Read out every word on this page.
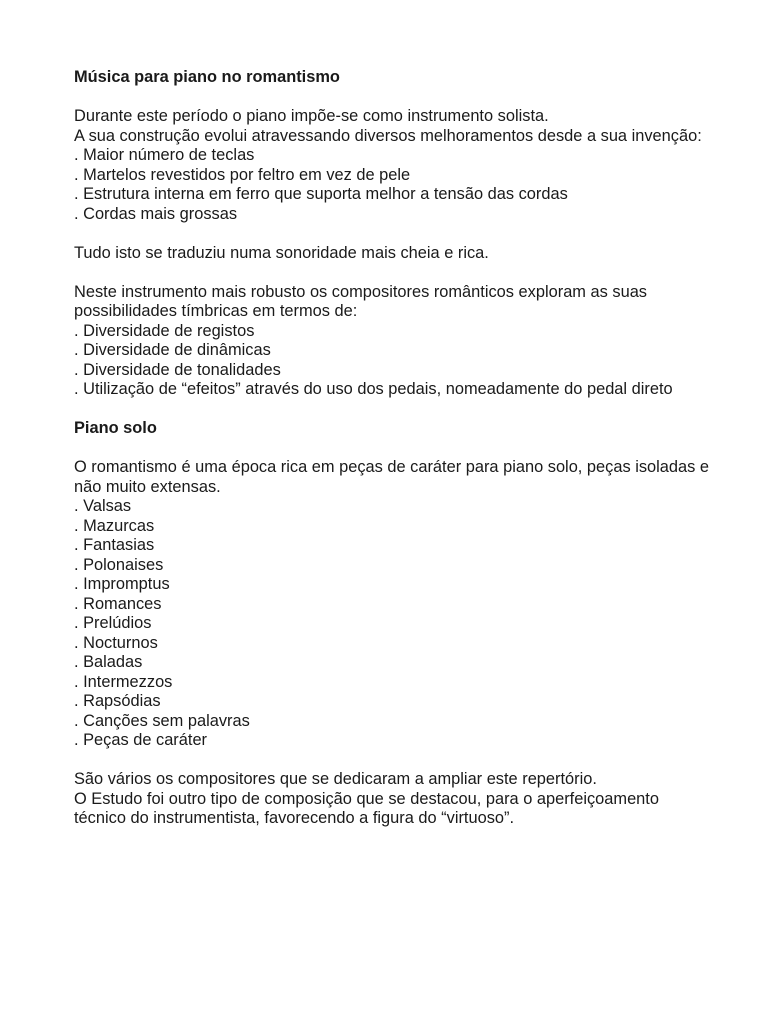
Música para piano no romantismo

Durante este período o piano impõe-se como instrumento solista.

A sua construção evolui atravessando diversos melhoramentos desde a sua invenção:

. Maior número de teclas
. Martelos revestidos por feltro em vez de pele
. Estrutura interna em ferro que suporta melhor a tensão das cordas
. Cordas mais grossas

Tudo isto se traduziu numa sonoridade mais cheia e rica.

Neste instrumento mais robusto os compositores românticos exploram as suas possibilidades tímbricas em termos de:

. Diversidade de registos
. Diversidade de dinâmicas
. Diversidade de tonalidades
. Utilização de “efeitos” através do uso dos pedais, nomeadamente do pedal direto

Piano solo

O romantismo é uma época rica em peças de caráter para piano solo, peças isoladas e não muito extensas.

. Valsas
. Mazurcas
. Fantasias
. Polonaises
. Impromptus
. Romances
. Prelúdios
. Nocturnos
. Baladas
. Intermezzos
. Rapsódias
. Canções sem palavras
. Peças de caráter

São vários os compositores que se dedicaram a ampliar este repertório.

O Estudo foi outro tipo de composição que se destacou, para o aperfeiçoamento técnico do instrumentista, favorecendo a figura do “virtuoso”.
